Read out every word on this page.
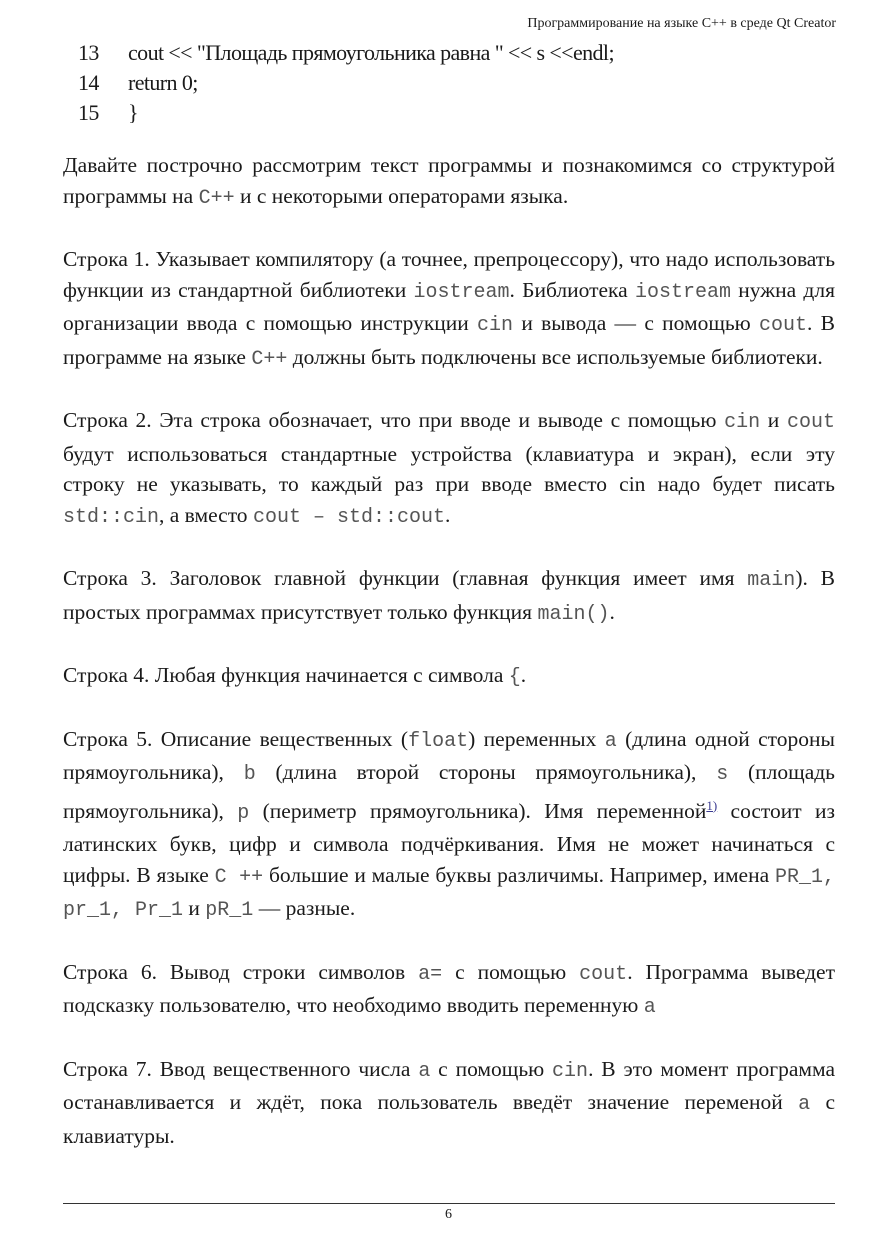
Программирование на языке C++ в среде Qt Creator
13 cout << "Площадь прямоугольника равна " << s <<endl;
14 return 0;
15 }

Давайте построчно рассмотрим текст программы и познакомимся со структурой программы на C++ и с некоторыми операторами языка.

Строка 1. Указывает компилятору (а точнее, препроцессору), что надо использовать функции из стандартной библиотеки iostream. Библиотека iostream нужна для организации ввода с помощью инструкции cin и вывода — с помощью cout. В программе на языке C++ должны быть подключены все используемые библиотеки.

Строка 2. Эта строка обозначает, что при вводе и выводе с помощью cin и cout будут использоваться стандартные устройства (клавиатура и экран), если эту строку не указывать, то каждый раз при вводе вместо cin надо будет писать std::cin, а вместо cout – std::cout.

Строка 3. Заголовок главной функции (главная функция имеет имя main). В простых программах присутствует только функция main().

Строка 4. Любая функция начинается с символа {.

Строка 5. Описание вещественных (float) переменных a (длина одной стороны прямоугольника), b (длина второй стороны прямоугольника), s (площадь прямоугольника), p (периметр прямоугольника). Имя переменной$^{1)}$ состоит из латинских букв, цифр и символа подчёркивания. Имя не может начинаться с цифры. В языке C ++ большие и малые буквы различимы. Например, имена PR_1, pr_1, Pr_1 и pR_1 — разные.

Строка 6. Вывод строки символов a= с помощью cout. Программа выведет подсказку пользователю, что необходимо вводить переменную a

Строка 7. Ввод вещественного числа a с помощью cin. В это момент программа останавливается и ждёт, пока пользователь введёт значение переменой a с клавиатуры.

6
